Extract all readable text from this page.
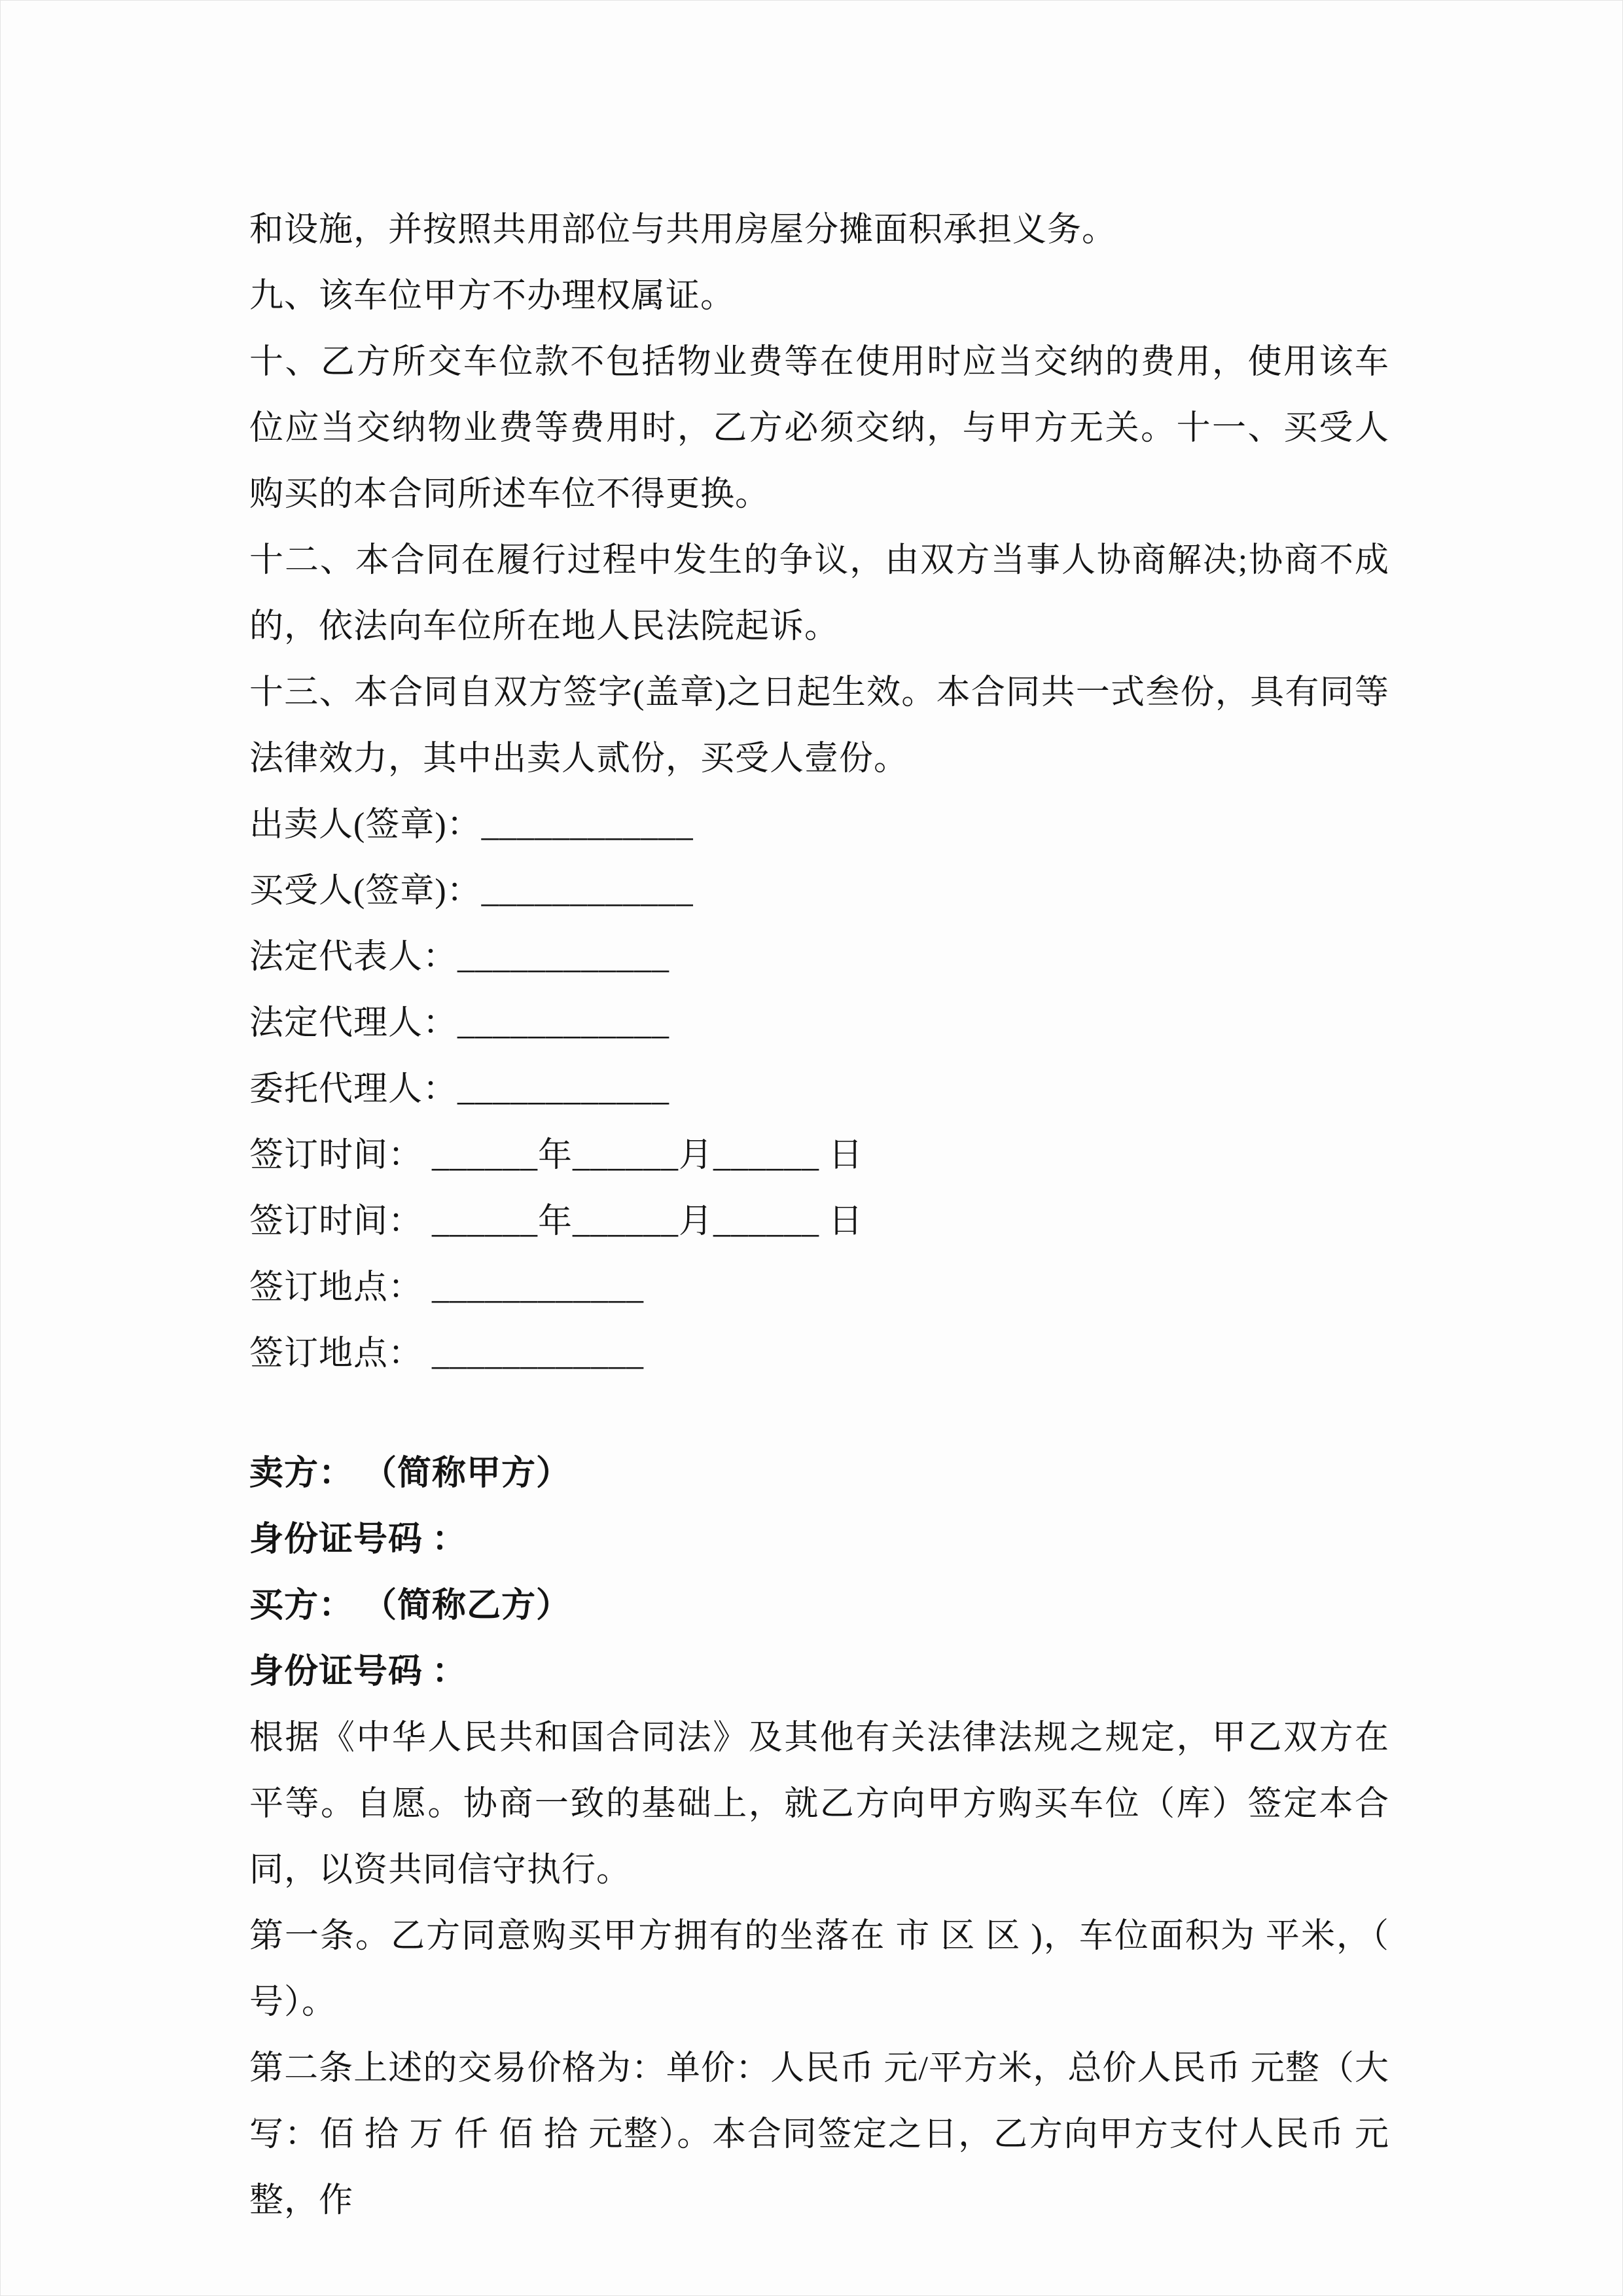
和设施，并按照共用部位与共用房屋分摊面积承担义务。

九、该车位甲方不办理权属证。

十、乙方所交车位款不包括物业费等在使用时应当交纳的费用，使用该车位应当交纳物业费等费用时，乙方必须交纳，与甲方无关。十一、买受人购买的本合同所述车位不得更换。

十二、本合同在履行过程中发生的争议，由双方当事人协商解决;协商不成的，依法向车位所在地人民法院起诉。

十三、本合同自双方签字(盖章)之日起生效。本合同共一式叁份，具有同等法律效力，其中出卖人贰份，买受人壹份。

出卖人(签章)：____________

买受人(签章)：____________

法定代表人：____________

法定代理人：____________

委托代理人：____________

签订时间： ______年______月______ 日

签订时间： ______年______月______ 日

签订地点： ____________

签订地点： ____________

卖方： （简称甲方）

身份证号码 ：

买方： （简称乙方）

身份证号码 ：

根据《中华人民共和国合同法》及其他有关法律法规之规定，甲乙双方在平等。自愿。协商一致的基础上，就乙方向甲方购买车位（库）签定本合同，以资共同信守执行。

第一条。乙方同意购买甲方拥有的坐落在 市 区 区 )，车位面积为 平米，（ 号）。

第二条上述的交易价格为：单价：人民币 元/平方米，总价人民币 元整（大写：佰 拾 万 仟 佰 拾 元整）。本合同签定之日，乙方向甲方支付人民币 元整，作
